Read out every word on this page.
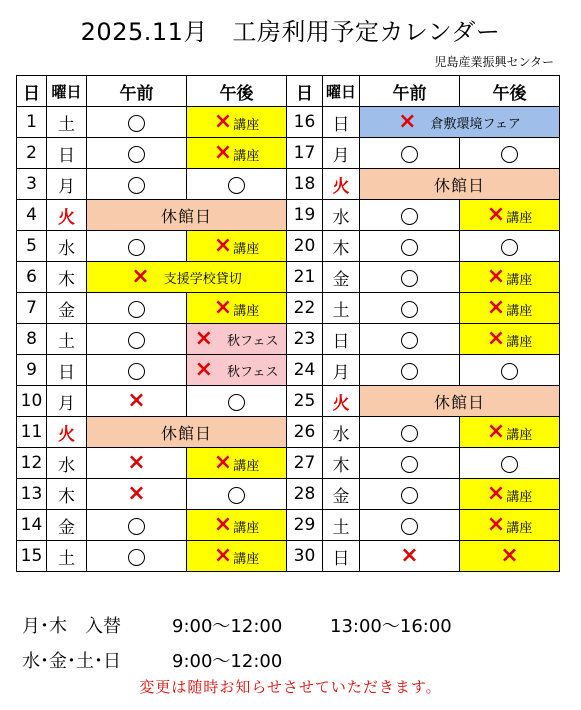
2025.11月　工房利用予定カレンダー
児島産業振興センター
日	曜日	午前	午後	日	曜日	午前	午後
1	土		×講座	16	日	× 倉敷環境フェア	
2	日		×講座	17	月		
3	月			18	火	休館日	
4	火	休館日		19	水		×講座
5	水		×講座	20	木		
6	木	× 支援学校貸切		21	金		×講座
7	金		×講座	22	土		×講座
8	土		× 秋フェス	23	日		×講座
9	日		× 秋フェス	24	月		
10	月	×		25	火	休館日	
11	火	休館日		26	水		×講座
12	水	×	×講座	27	木		
13	木	×		28	金		×講座
14	金		×講座	29	土		×講座
15	土		×講座	30	日	×	×
月･木　入替	9:00～12:00	13:00～16:00
水･金･土･日	9:00～12:00
変更は随時お知らせさせていただきます。
